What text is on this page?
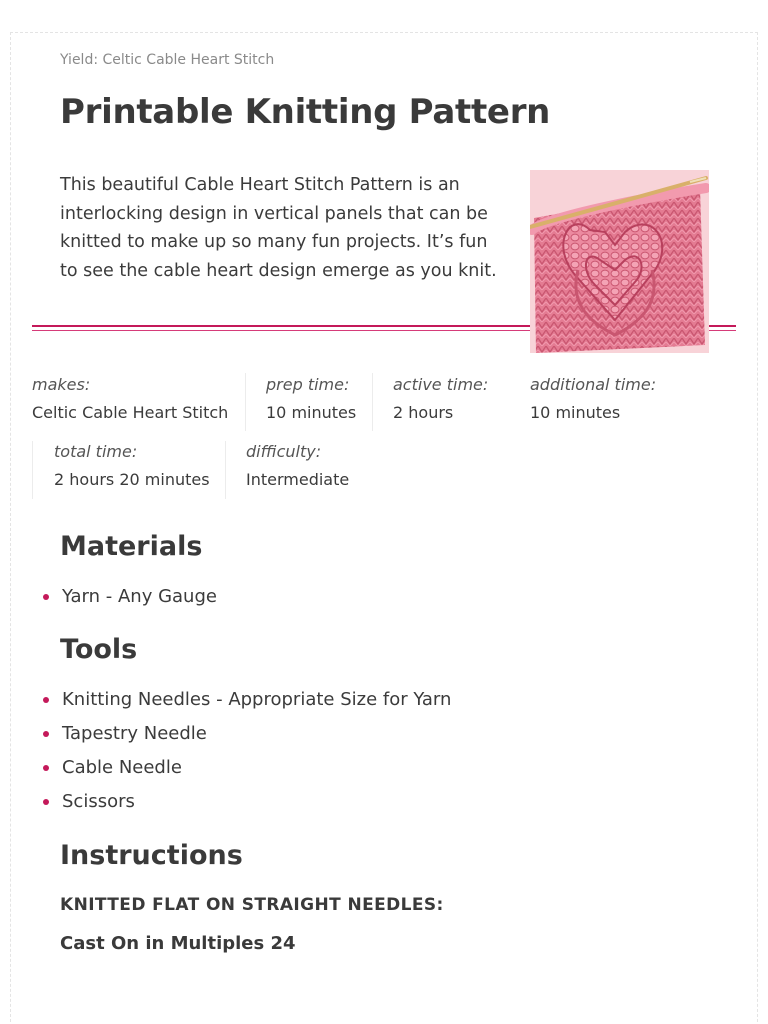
Yield: Celtic Cable Heart Stitch
Printable Knitting Pattern

This beautiful Cable Heart Stitch Pattern is an interlocking design in vertical panels that can be knitted to make up so many fun projects. It’s fun to see the cable heart design emerge as you knit.

makes:
Celtic Cable Heart Stitch
prep time:
10 minutes
active time:
2 hours
additional time:
10 minutes
total time:
2 hours 20 minutes
difficulty:
Intermediate
Materials
Yarn - Any Gauge
Tools
Knitting Needles - Appropriate Size for Yarn
Tapestry Needle
Cable Needle
Scissors
Instructions
KNITTED FLAT ON STRAIGHT NEEDLES:
Cast On in Multiples 24
